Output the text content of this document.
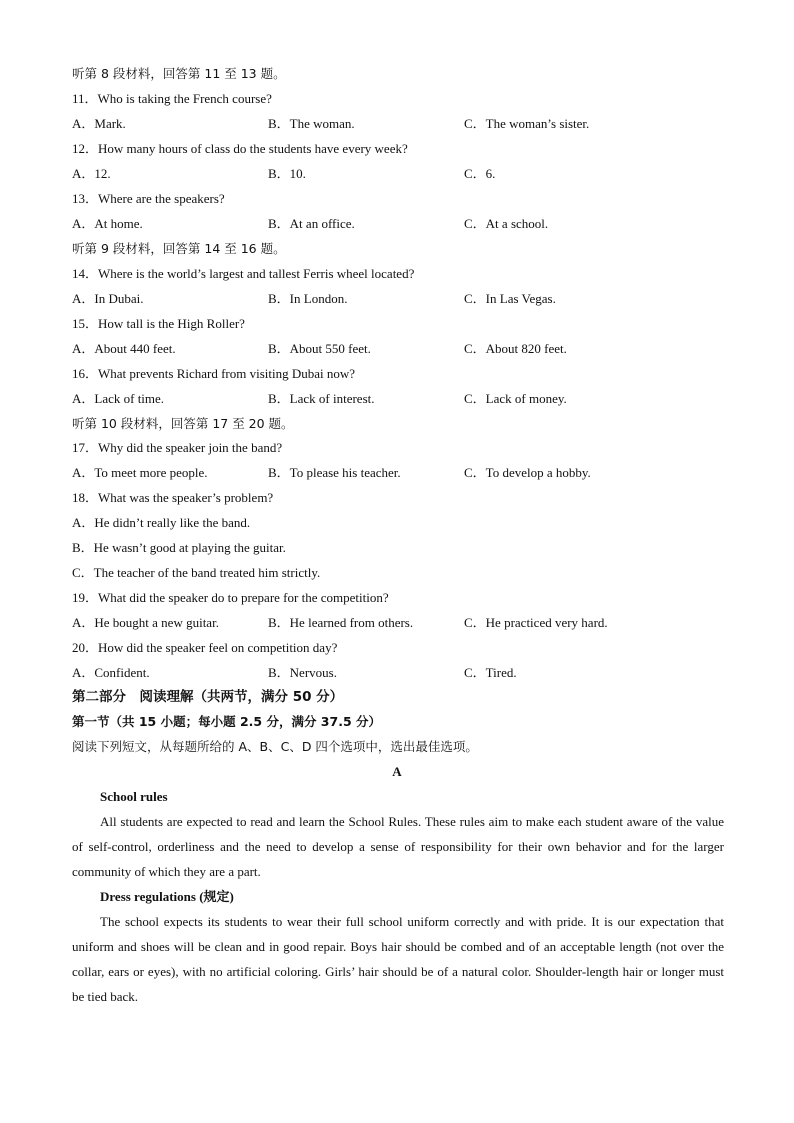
听第 8 段材料，回答第 11 至 13 题。
11．Who is taking the French course?
A．Mark.	B．The woman.	C．The woman’s sister.
12．How many hours of class do the students have every week?
A．12.	B．10.	C．6.
13．Where are the speakers?
A．At home.	B．At an office.	C．At a school.
听第 9 段材料，回答第 14 至 16 题。
14．Where is the world’s largest and tallest Ferris wheel located?
A．In Dubai.	B．In London.	C．In Las Vegas.
15．How tall is the High Roller?
A．About 440 feet.	B．About 550 feet.	C．About 820 feet.
16．What prevents Richard from visiting Dubai now?
A．Lack of time.	B．Lack of interest.	C．Lack of money.
听第 10 段材料，回答第 17 至 20 题。
17．Why did the speaker join the band?
A．To meet more people.	B．To please his teacher.	C．To develop a hobby.
18．What was the speaker’s problem?
A．He didn’t really like the band.
B．He wasn’t good at playing the guitar.
C．The teacher of the band treated him strictly.
19．What did the speaker do to prepare for the competition?
A．He bought a new guitar.	B．He learned from others.	C．He practiced very hard.
20．How did the speaker feel on competition day?
A．Confident.	B．Nervous.	C．Tired.
第二部分　阅读理解（共两节，满分 50 分）
第一节（共 15 小题；每小题 2.5 分，满分 37.5 分）
阅读下列短文，从每题所给的 A、B、C、D 四个选项中，选出最佳选项。
A
School rules
All students are expected to read and learn the School Rules. These rules aim to make each student aware of the value of self-control, orderliness and the need to develop a sense of responsibility for their own behavior and for the larger community of which they are a part.
Dress regulations (规定)
The school expects its students to wear their full school uniform correctly and with pride. It is our expectation that uniform and shoes will be clean and in good repair. Boys hair should be combed and of an acceptable length (not over the collar, ears or eyes), with no artificial coloring. Girls’ hair should be of a natural color. Shoulder-length hair or longer must be tied back.
